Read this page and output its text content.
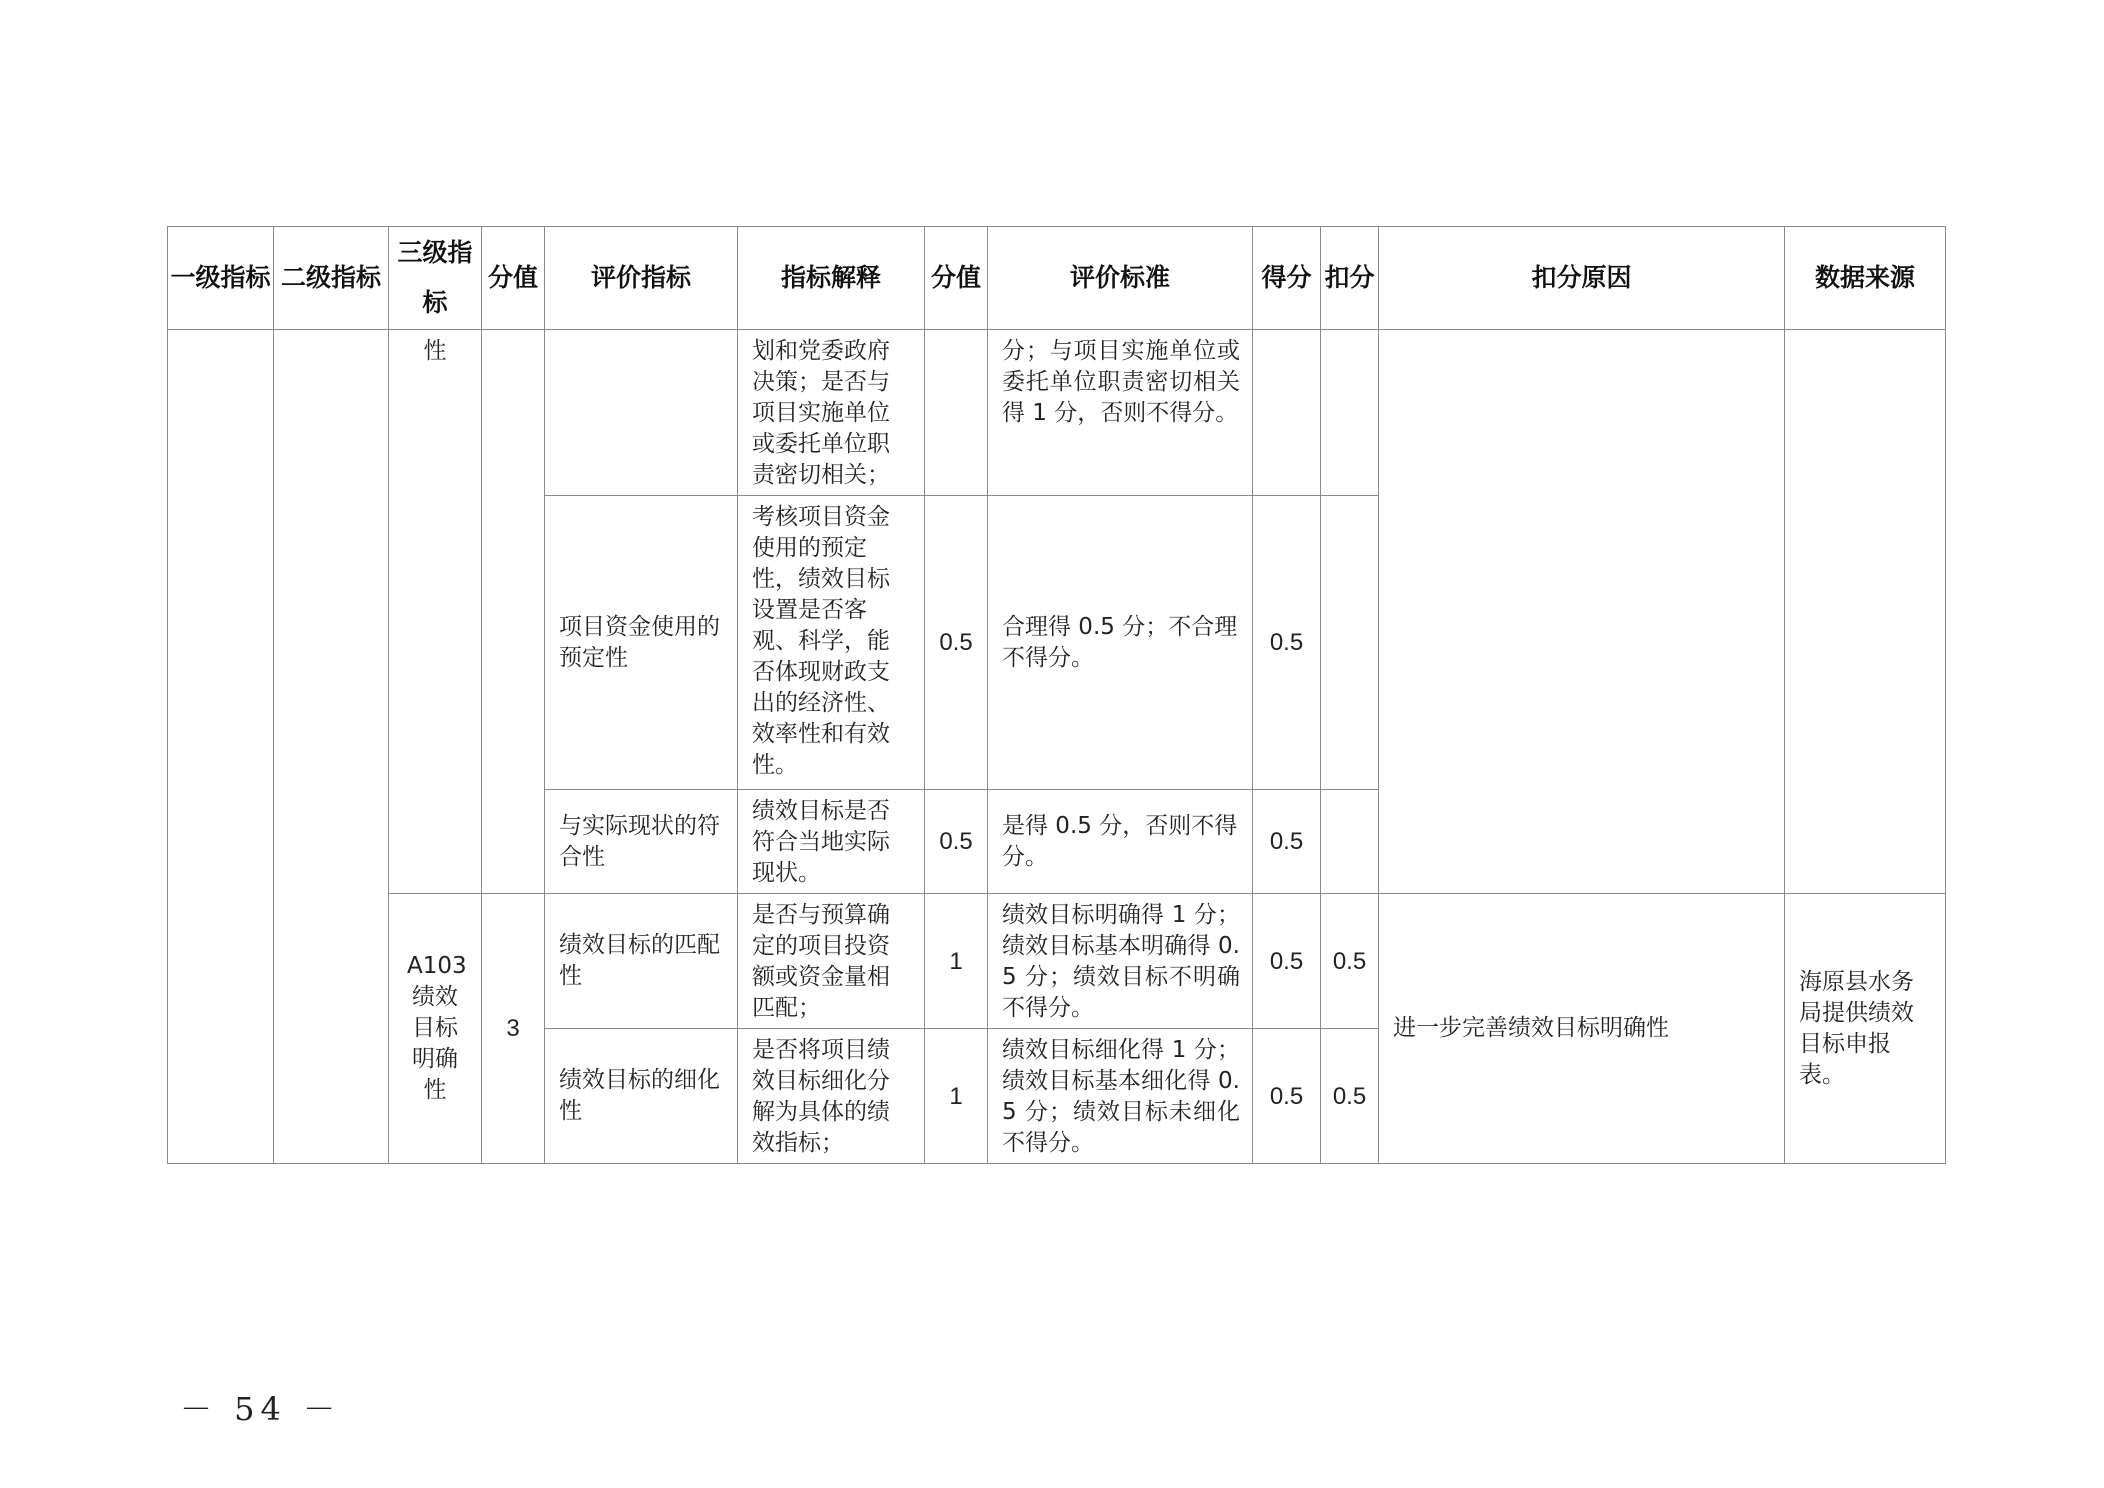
一级指标	二级指标	三级指标	分值	评价指标	指标解释	分值	评价标准	得分	扣分	扣分原因	数据来源
		性			划和党委政府决策；是否与项目实施单位或委托单位职责密切相关；		分；与项目实施单位或委托单位职责密切相关得 1 分，否则不得分。				
				项目资金使用的预定性	考核项目资金使用的预定性，绩效目标设置是否客观、科学，能否体现财政支出的经济性、效率性和有效性。	0.5	合理得 0.5 分；不合理不得分。	0.5			
				与实际现状的符合性	绩效目标是否符合当地实际现状。	0.5	是得 0.5 分，否则不得分。	0.5			
		A103绩效目标明确性	3	绩效目标的匹配性	是否与预算确定的项目投资额或资金量相匹配；	1	绩效目标明确得 1 分；绩效目标基本明确得 0.5 分；绩效目标不明确不得分。	0.5	0.5	进一步完善绩效目标明确性	海原县水务局提供绩效目标申报表。
				绩效目标的细化性	是否将项目绩效目标细化分解为具体的绩效指标；	1	绩效目标细化得 1 分；绩效目标基本细化得 0.5 分；绩效目标未细化不得分。	0.5	0.5		
－ 54 －
